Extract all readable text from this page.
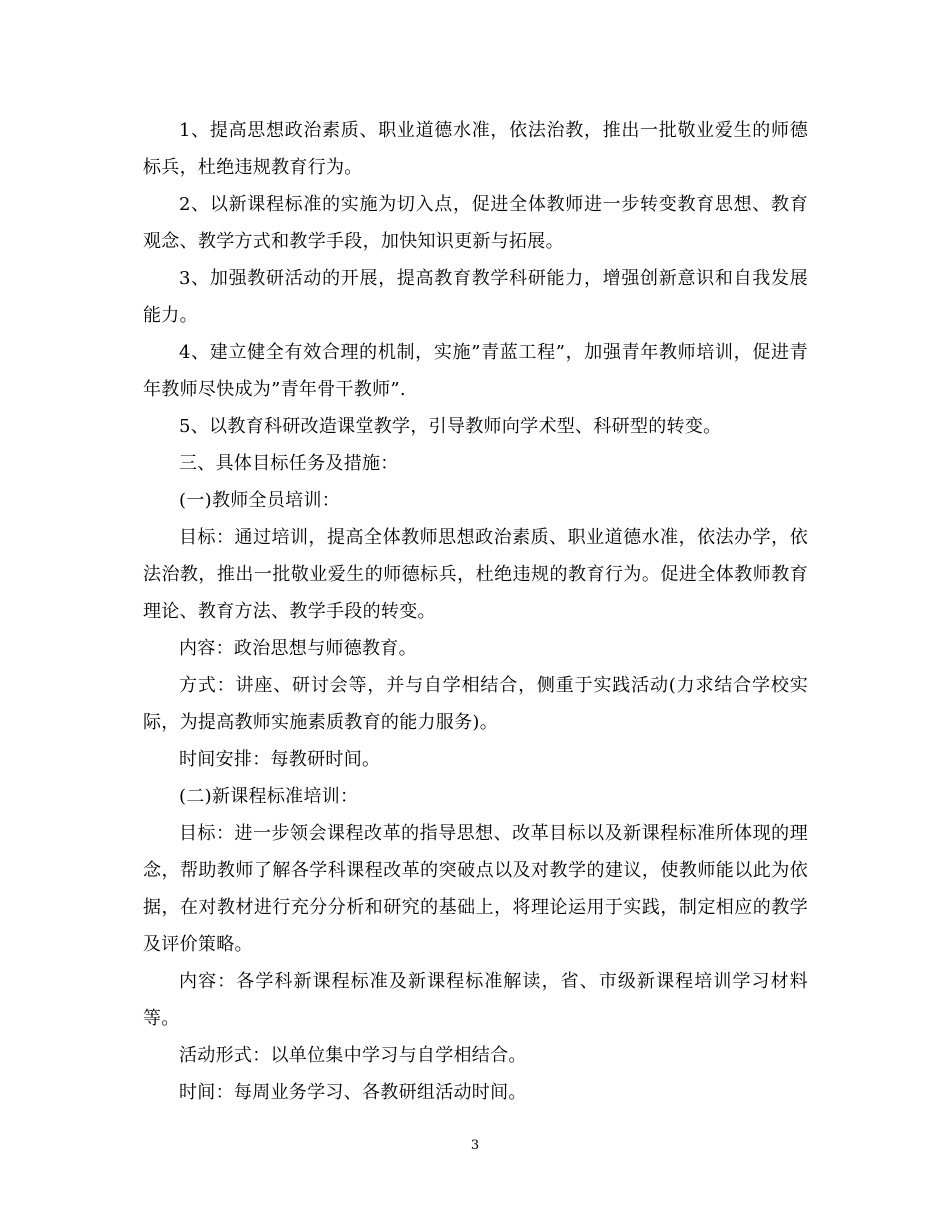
1、提高思想政治素质、职业道德水准，依法治教，推出一批敬业爱生的师德标兵，杜绝违规教育行为。

2、以新课程标准的实施为切入点，促进全体教师进一步转变教育思想、教育观念、教学方式和教学手段，加快知识更新与拓展。

3、加强教研活动的开展，提高教育教学科研能力，增强创新意识和自我发展能力。

4、建立健全有效合理的机制，实施”青蓝工程”，加强青年教师培训，促进青年教师尽快成为”青年骨干教师”.

5、以教育科研改造课堂教学，引导教师向学术型、科研型的转变。

三、具体目标任务及措施：

(一)教师全员培训：

目标：通过培训，提高全体教师思想政治素质、职业道德水准，依法办学，依法治教，推出一批敬业爱生的师德标兵，杜绝违规的教育行为。促进全体教师教育理论、教育方法、教学手段的转变。

内容：政治思想与师德教育。

方式：讲座、研讨会等，并与自学相结合，侧重于实践活动(力求结合学校实际，为提高教师实施素质教育的能力服务)。

时间安排：每教研时间。

(二)新课程标准培训：

目标：进一步领会课程改革的指导思想、改革目标以及新课程标准所体现的理念，帮助教师了解各学科课程改革的突破点以及对教学的建议，使教师能以此为依据，在对教材进行充分分析和研究的基础上，将理论运用于实践，制定相应的教学及评价策略。

内容：各学科新课程标准及新课程标准解读，省、市级新课程培训学习材料等。

活动形式：以单位集中学习与自学相结合。

时间：每周业务学习、各教研组活动时间。

3
